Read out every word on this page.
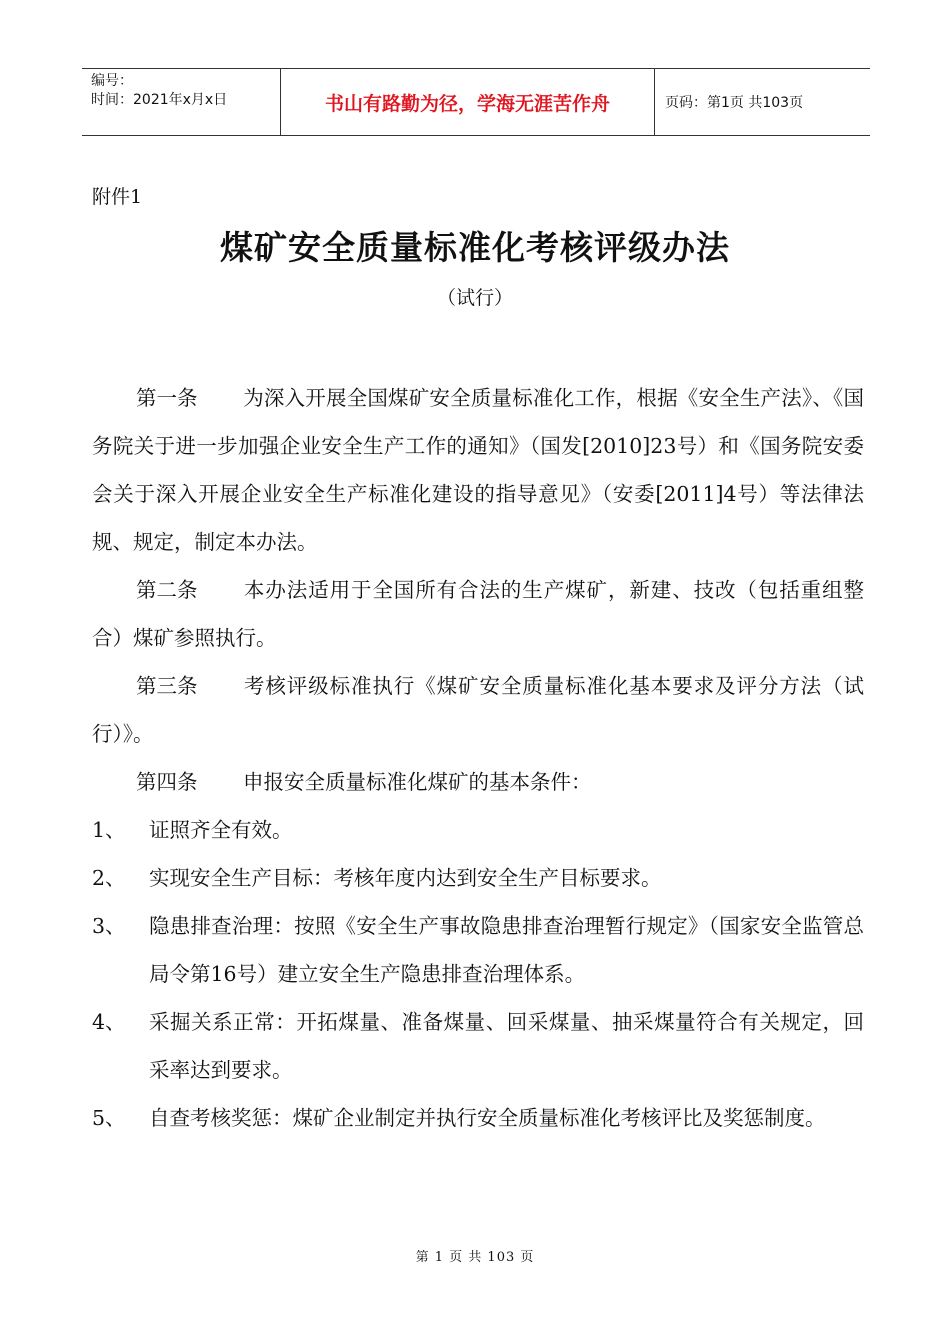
编号：
时间：2021年x月x日	书山有路勤为径，学海无涯苦作舟	页码：第1页 共103页
附件1
煤矿安全质量标准化考核评级办法
（试行）

第一条 为深入开展全国煤矿安全质量标准化工作，根据《安全生产法》、《国务院关于进一步加强企业安全生产工作的通知》（国发[2010]23号）和《国务院安委会关于深入开展企业安全生产标准化建设的指导意见》（安委[2011]4号）等法律法规、规定，制定本办法。

第二条 本办法适用于全国所有合法的生产煤矿，新建、技改（包括重组整合）煤矿参照执行。

第三条 考核评级标准执行《煤矿安全质量标准化基本要求及评分方法（试行）》。

第四条 申报安全质量标准化煤矿的基本条件：

1、	证照齐全有效。
2、	实现安全生产目标：考核年度内达到安全生产目标要求。
3、	隐患排查治理：按照《安全生产事故隐患排查治理暂行规定》（国家安全监管总局令第16号）建立安全生产隐患排查治理体系。
4、	采掘关系正常：开拓煤量、准备煤量、回采煤量、抽采煤量符合有关规定，回采率达到要求。
5、	自查考核奖惩：煤矿企业制定并执行安全质量标准化考核评比及奖惩制度。
第 1 页 共 103 页
